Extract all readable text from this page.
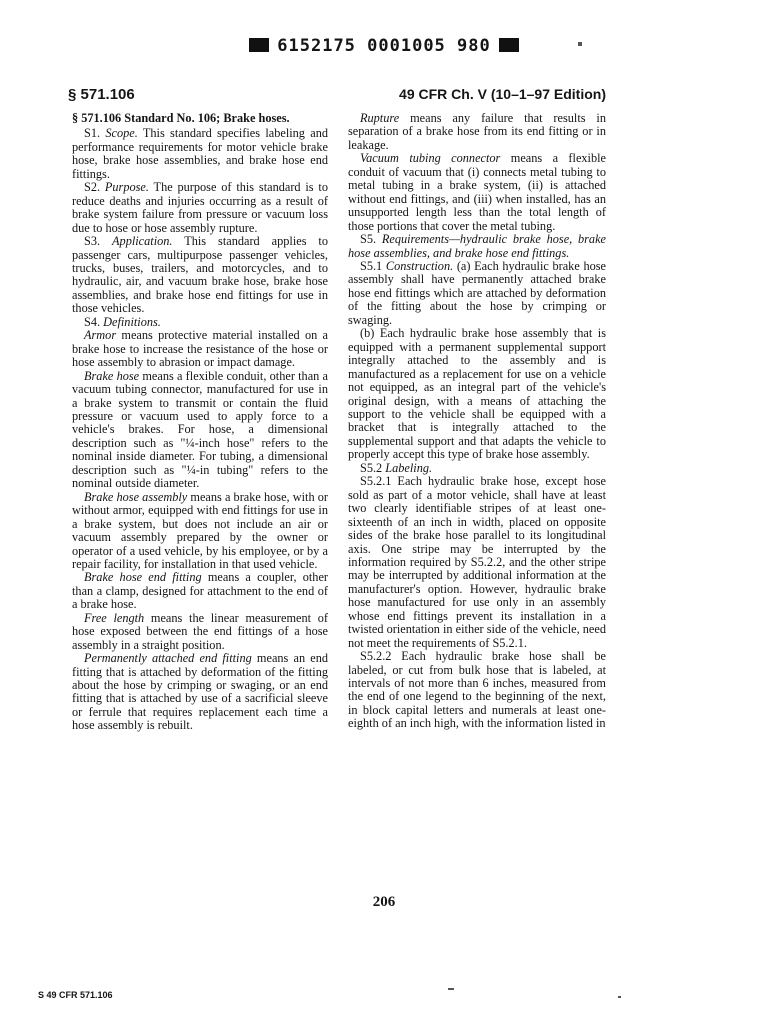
6152175 0001005 980
§ 571.106	49 CFR Ch. V (10–1–97 Edition)

§ 571.106 Standard No. 106; Brake hoses.

S1. Scope. This standard specifies labeling and performance requirements for motor vehicle brake hose, brake hose assemblies, and brake hose end fittings.

S2. Purpose. The purpose of this standard is to reduce deaths and injuries occurring as a result of brake system failure from pressure or vacuum loss due to hose or hose assembly rupture.

S3. Application. This standard applies to passenger cars, multipurpose passenger vehicles, trucks, buses, trailers, and motorcycles, and to hydraulic, air, and vacuum brake hose, brake hose assemblies, and brake hose end fittings for use in those vehicles.

S4. Definitions.

Armor means protective material installed on a brake hose to increase the resistance of the hose or hose assembly to abrasion or impact damage.

Brake hose means a flexible conduit, other than a vacuum tubing connector, manufactured for use in a brake system to transmit or contain the fluid pressure or vacuum used to apply force to a vehicle's brakes. For hose, a dimensional description such as "¼-inch hose" refers to the nominal inside diameter. For tubing, a dimensional description such as "¼-in tubing" refers to the nominal outside diameter.

Brake hose assembly means a brake hose, with or without armor, equipped with end fittings for use in a brake system, but does not include an air or vacuum assembly prepared by the owner or operator of a used vehicle, by his employee, or by a repair facility, for installation in that used vehicle.

Brake hose end fitting means a coupler, other than a clamp, designed for attachment to the end of a brake hose.

Free length means the linear measurement of hose exposed between the end fittings of a hose assembly in a straight position.

Permanently attached end fitting means an end fitting that is attached by deformation of the fitting about the hose by crimping or swaging, or an end fitting that is attached by use of a sacrificial sleeve or ferrule that requires replacement each time a hose assembly is rebuilt.

Rupture means any failure that results in separation of a brake hose from its end fitting or in leakage.

Vacuum tubing connector means a flexible conduit of vacuum that (i) connects metal tubing to metal tubing in a brake system, (ii) is attached without end fittings, and (iii) when installed, has an unsupported length less than the total length of those portions that cover the metal tubing.

S5. Requirements—hydraulic brake hose, brake hose assemblies, and brake hose end fittings.

S5.1 Construction. (a) Each hydraulic brake hose assembly shall have permanently attached brake hose end fittings which are attached by deformation of the fitting about the hose by crimping or swaging.

(b) Each hydraulic brake hose assembly that is equipped with a permanent supplemental support integrally attached to the assembly and is manufactured as a replacement for use on a vehicle not equipped, as an integral part of the vehicle's original design, with a means of attaching the support to the vehicle shall be equipped with a bracket that is integrally attached to the supplemental support and that adapts the vehicle to properly accept this type of brake hose assembly.

S5.2 Labeling.

S5.2.1 Each hydraulic brake hose, except hose sold as part of a motor vehicle, shall have at least two clearly identifiable stripes of at least one-sixteenth of an inch in width, placed on opposite sides of the brake hose parallel to its longitudinal axis. One stripe may be interrupted by the information required by S5.2.2, and the other stripe may be interrupted by additional information at the manufacturer's option. However, hydraulic brake hose manufactured for use only in an assembly whose end fittings prevent its installation in a twisted orientation in either side of the vehicle, need not meet the requirements of S5.2.1.

S5.2.2 Each hydraulic brake hose shall be labeled, or cut from bulk hose that is labeled, at intervals of not more than 6 inches, measured from the end of one legend to the beginning of the next, in block capital letters and numerals at least one-eighth of an inch high, with the information listed in

206
S 49 CFR 571.106
